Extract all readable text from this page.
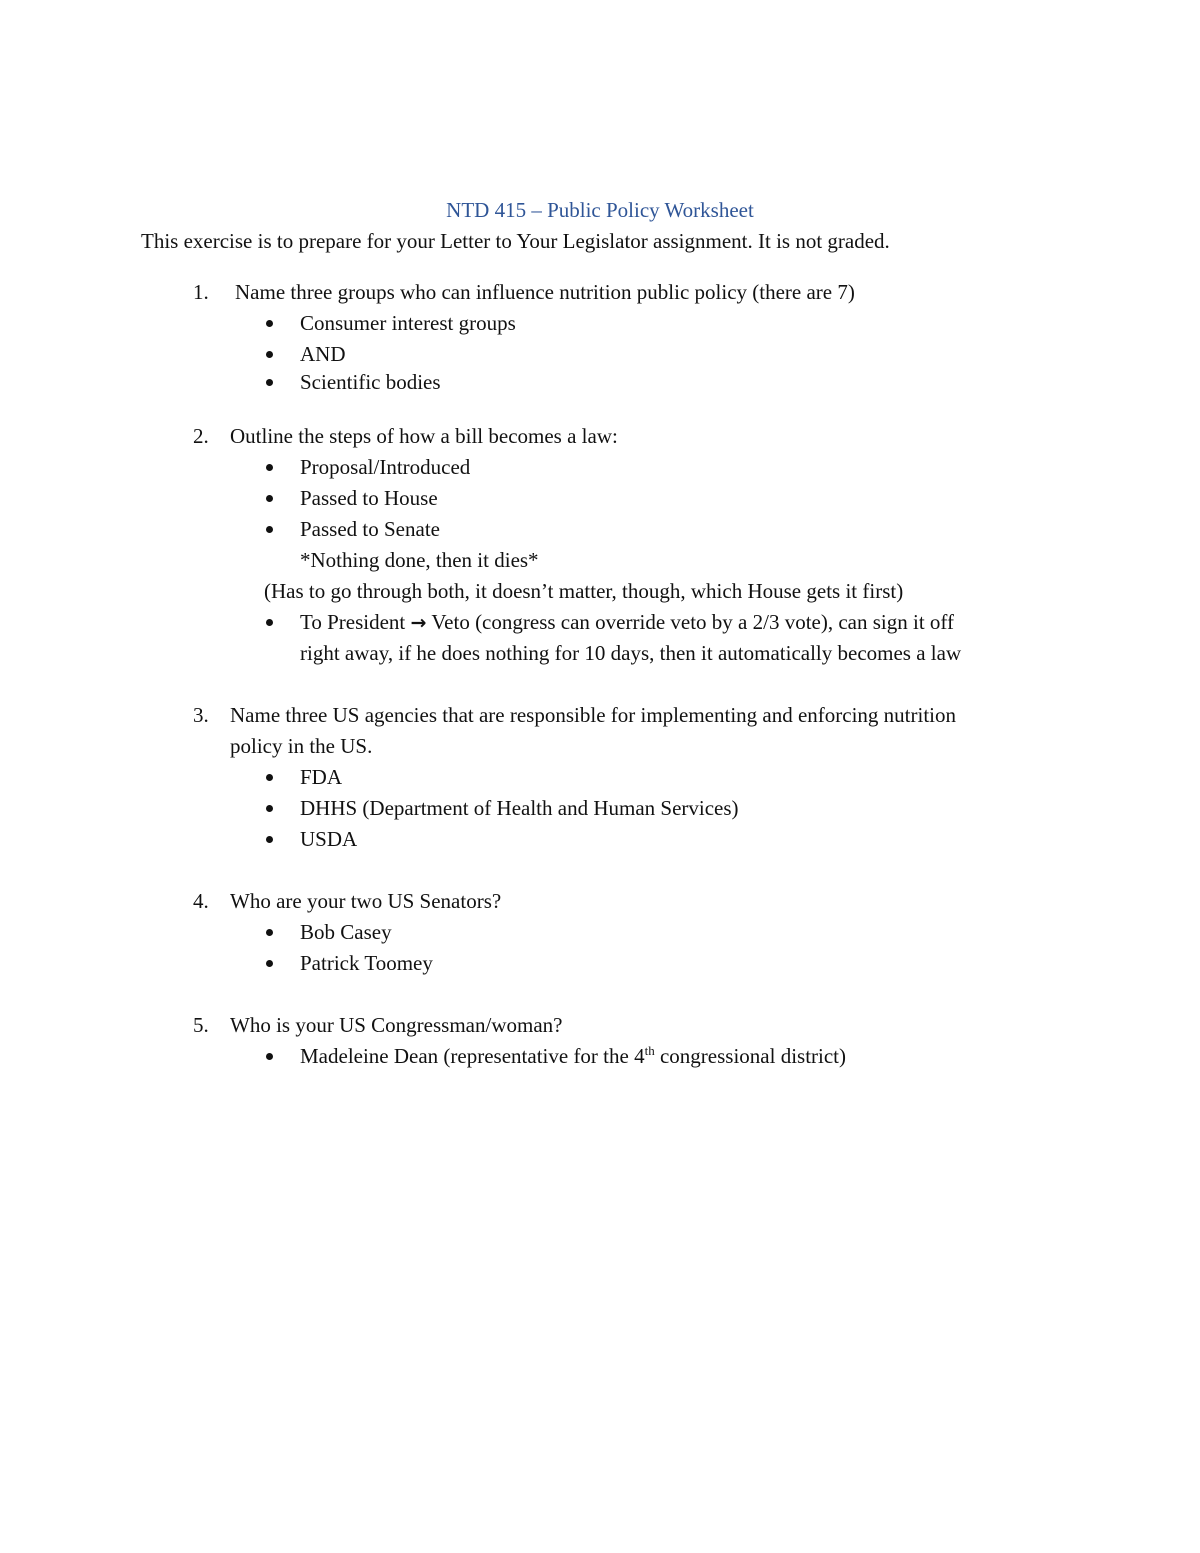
NTD 415 – Public Policy Worksheet
This exercise is to prepare for your Letter to Your Legislator assignment. It is not graded.
1. Name three groups who can influence nutrition public policy (there are 7)
Consumer interest groups
AND
Scientific bodies
2. Outline the steps of how a bill becomes a law:
Proposal/Introduced
Passed to House
Passed to Senate
*Nothing done, then it dies*
(Has to go through both, it doesn’t matter, though, which House gets it first)
To President → Veto (congress can override veto by a 2/3 vote), can sign it off
right away, if he does nothing for 10 days, then it automatically becomes a law
3. Name three US agencies that are responsible for implementing and enforcing nutrition
policy in the US.
FDA
DHHS (Department of Health and Human Services)
USDA
4. Who are your two US Senators?
Bob Casey
Patrick Toomey
5. Who is your US Congressman/woman?
Madeleine Dean (representative for the 4th congressional district)
